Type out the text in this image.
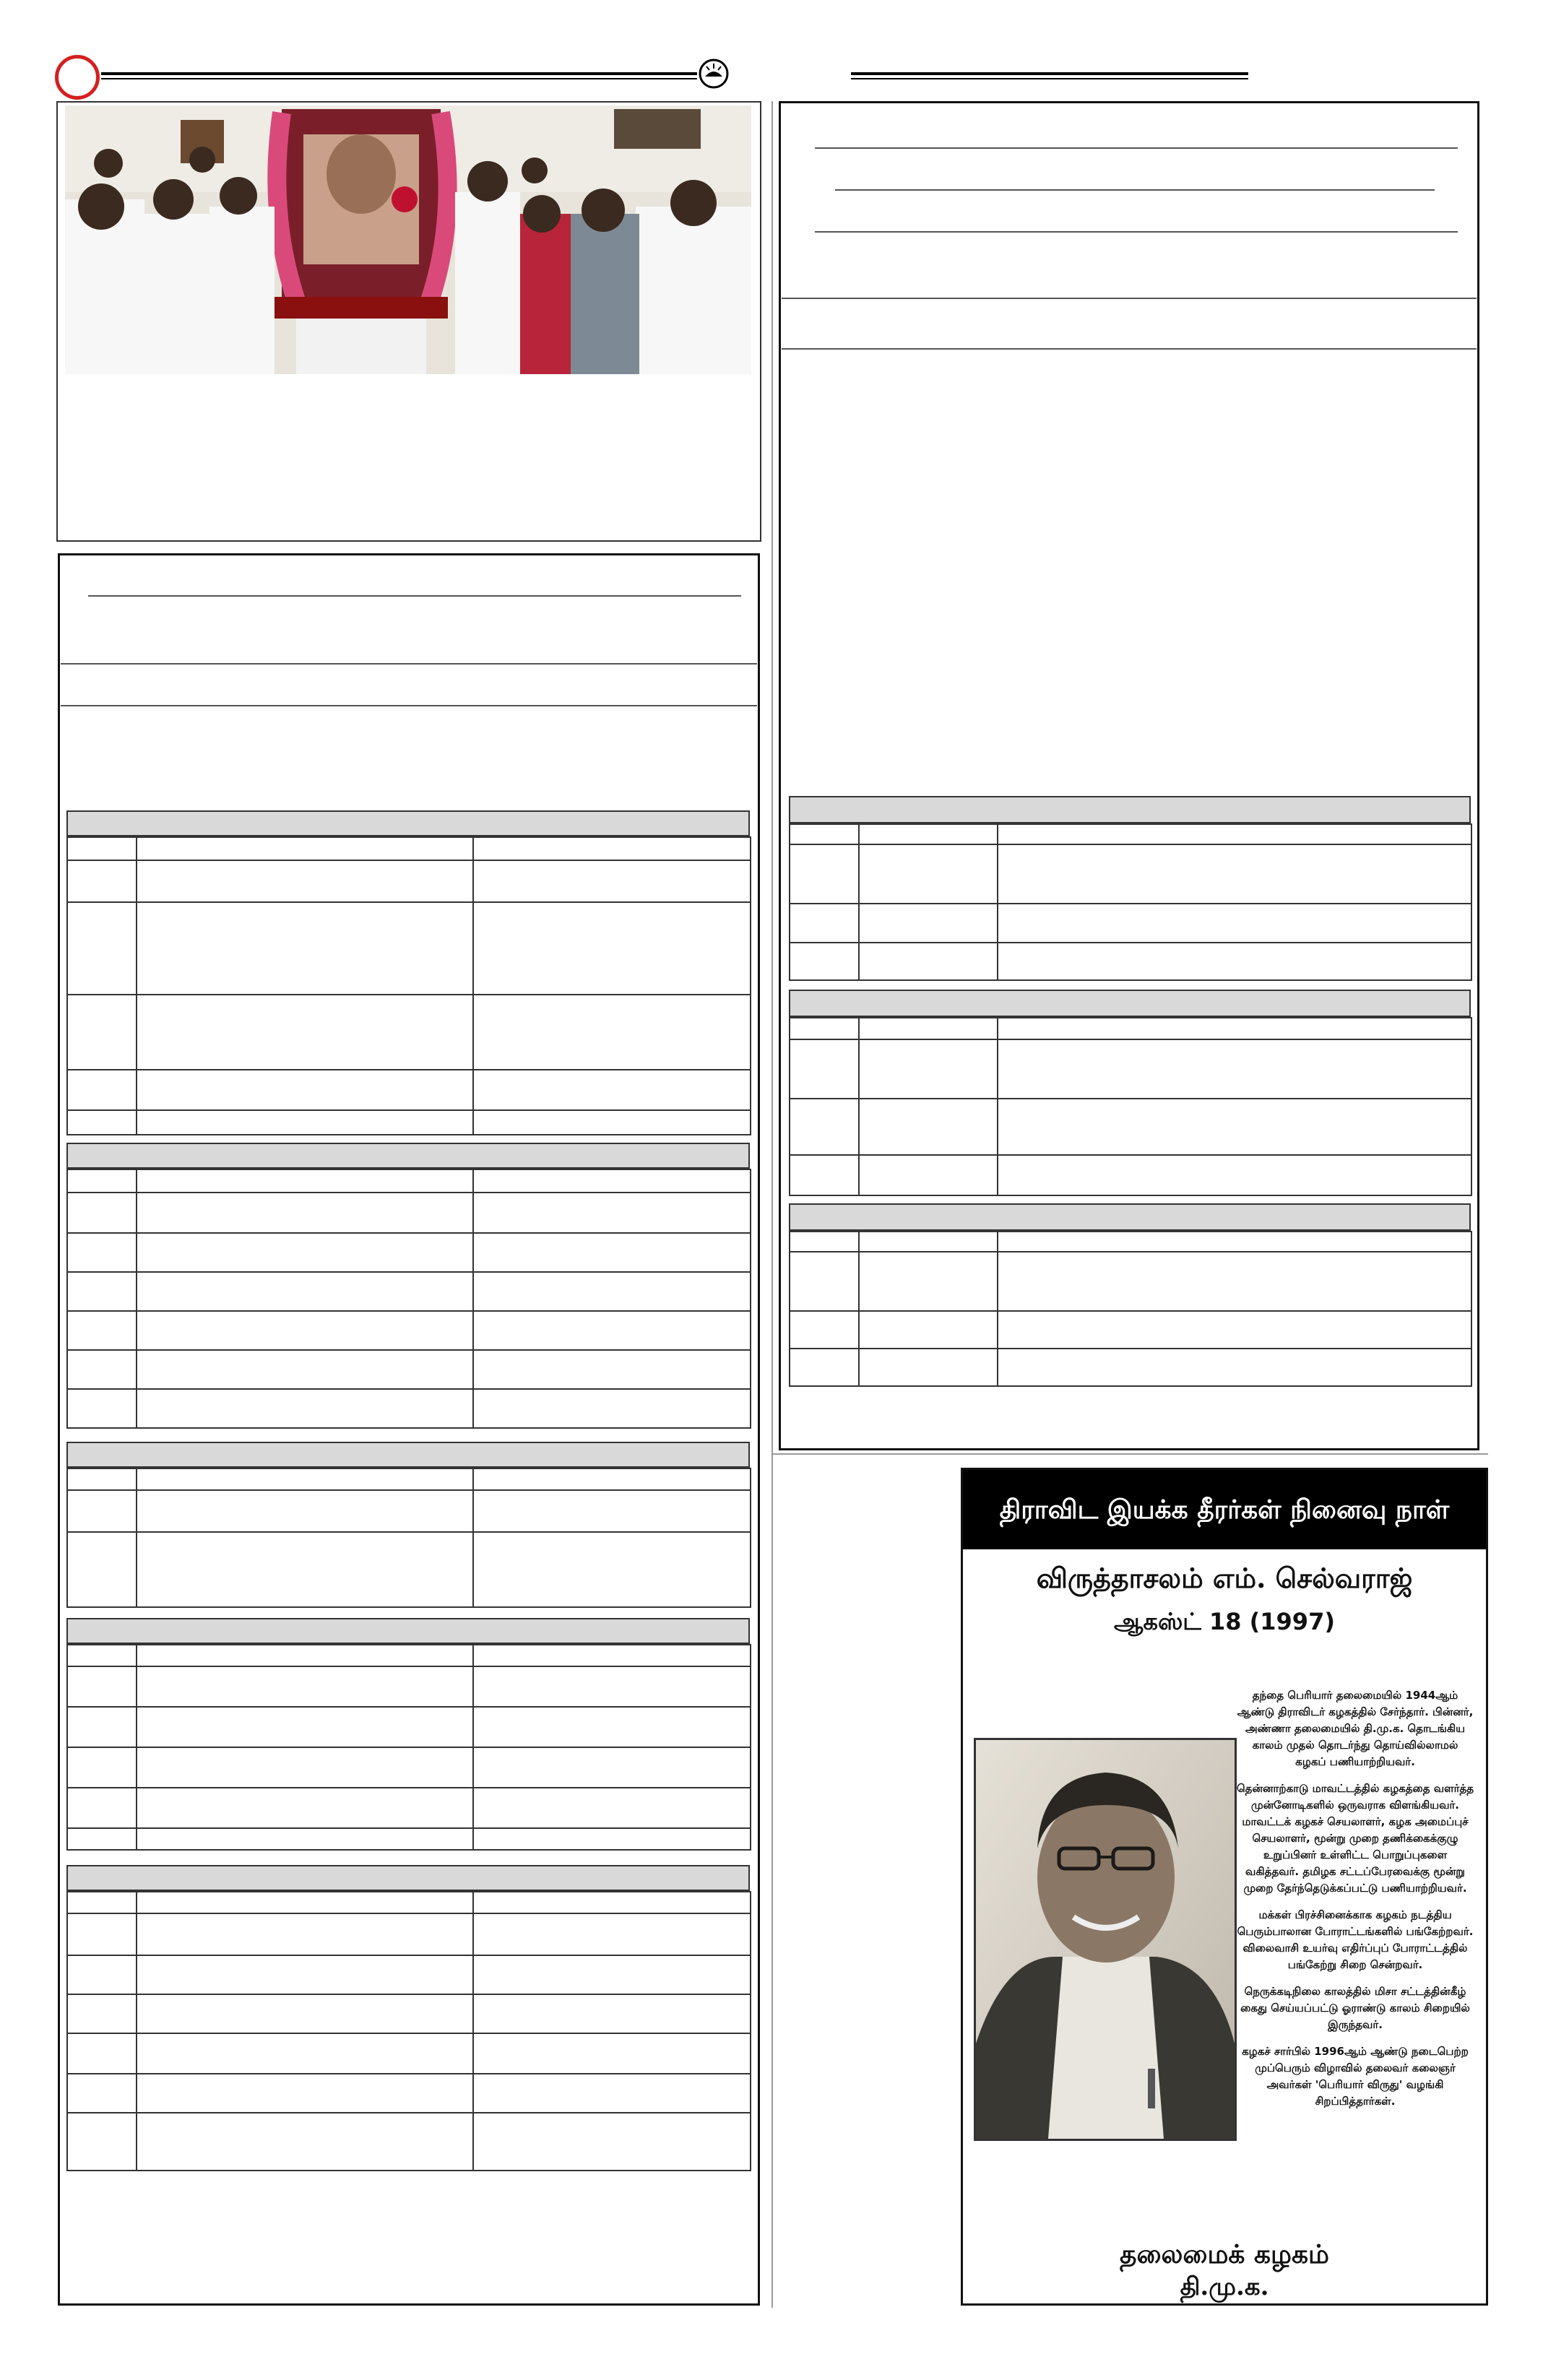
திராவிட இயக்க தீரர்கள் நினைவு நாள்
விருத்தாசலம் எம். செல்வராஜ்
ஆகஸ்ட் 18 (1997)

தந்தை பெரியார் தலைமையில் 1944ஆம் ஆண்டு திராவிடர் கழகத்தில் சேர்ந்தார். பின்னர், அண்ணா தலைமையில் தி.மு.க. தொடங்கிய காலம் முதல் தொடர்ந்து தொய்வில்லாமல் கழகப் பணியாற்றியவர்.

தென்னாற்காடு மாவட்டத்தில் கழகத்தை வளர்த்த முன்னோடிகளில் ஒருவராக விளங்கியவர். மாவட்டக் கழகச் செயலாளர், கழக அமைப்புச் செயலாளர், மூன்று முறை தணிக்கைக்குழு உறுப்பினர் உள்ளிட்ட பொறுப்புகளை வகித்தவர். தமிழக சட்டப்பேரவைக்கு மூன்று முறை தேர்ந்தெடுக்கப்பட்டு பணியாற்றியவர்.

மக்கள் பிரச்சினைக்காக கழகம் நடத்திய பெரும்பாலான போராட்டங்களில் பங்கேற்றவர். விலைவாசி உயர்வு எதிர்ப்புப் போராட்டத்தில் பங்கேற்று சிறை சென்றவர்.

நெருக்கடிநிலை காலத்தில் மிசா சட்டத்தின்கீழ் கைது செய்யப்பட்டு ஓராண்டு காலம் சிறையில் இருந்தவர்.

கழகச் சார்பில் 1996ஆம் ஆண்டு நடைபெற்ற முப்பெரும் விழாவில் தலைவர் கலைஞர் அவர்கள் 'பெரியார் விருது' வழங்கி சிறப்பித்தார்கள்.

தலைமைக் கழகம்
தி.மு.க.
